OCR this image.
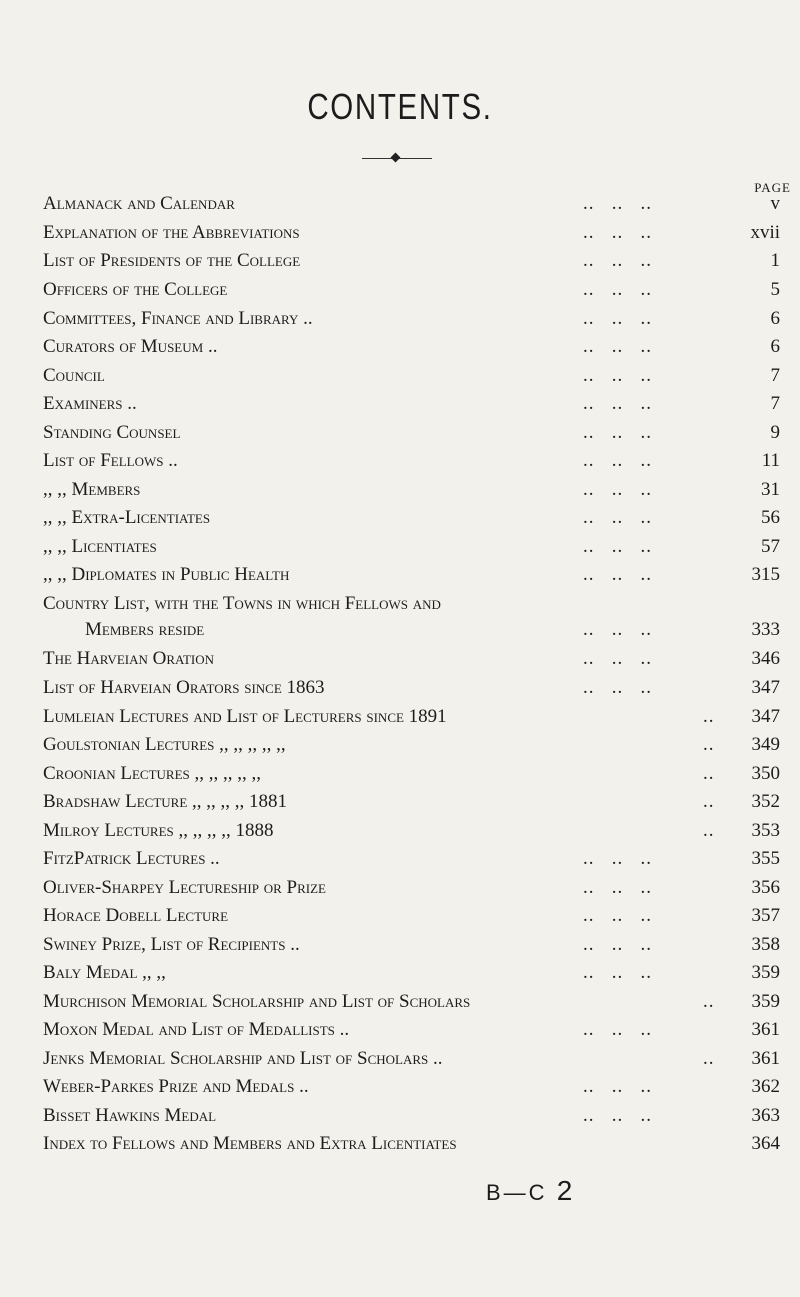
CONTENTS.
PAGE
Almanack and Calendar	..   ..   ..	v
Explanation of the Abbreviations	..   ..   ..	xvii
List of Presidents of the College	..   ..   ..	1
Officers of the College	..   ..   ..	5
Committees, Finance and Library ..	..   ..   ..	6
Curators of Museum ..	..   ..   ..	6
Council	..   ..   ..	7
Examiners ..	..   ..   ..	7
Standing Counsel	..   ..   ..	9
List of Fellows ..	..   ..   ..	11
,, ,, Members	..   ..   ..	31
,, ,, Extra-Licentiates	..   ..   ..	56
,, ,, Licentiates	..   ..   ..	57
,, ,, Diplomates in Public Health	..   ..   ..	315
Country List, with the Towns in which Fellows and
Members reside	..   ..   ..	333
The Harveian Oration	..   ..   ..	346
List of Harveian Orators since 1863	..   ..   ..	347
Lumleian Lectures and List of Lecturers since 1891	.. 347
Goulstonian Lectures ,, ,, ,, ,, ,,	.. 349
Croonian Lectures ,, ,, ,, ,, ,,	.. 350
Bradshaw Lecture ,, ,, ,, ,, 1881	.. 352
Milroy Lectures ,, ,, ,, ,, 1888	.. 353
FitzPatrick Lectures ..	..   ..   ..	355
Oliver-Sharpey Lectureship or Prize	..   ..   ..	356
Horace Dobell Lecture	..   ..   ..	357
Swiney Prize, List of Recipients ..	..   ..   ..	358
Baly Medal ,, ,,	..   ..   ..	359
Murchison Memorial Scholarship and List of Scholars	.. 359
Moxon Medal and List of Medallists ..	..   ..   ..	361
Jenks Memorial Scholarship and List of Scholars ..	.. 361
Weber-Parkes Prize and Medals ..	..   ..   ..	362
Bisset Hawkins Medal	..   ..   ..	363
Index to Fellows and Members and Extra Licentiates	364
B—C 2
